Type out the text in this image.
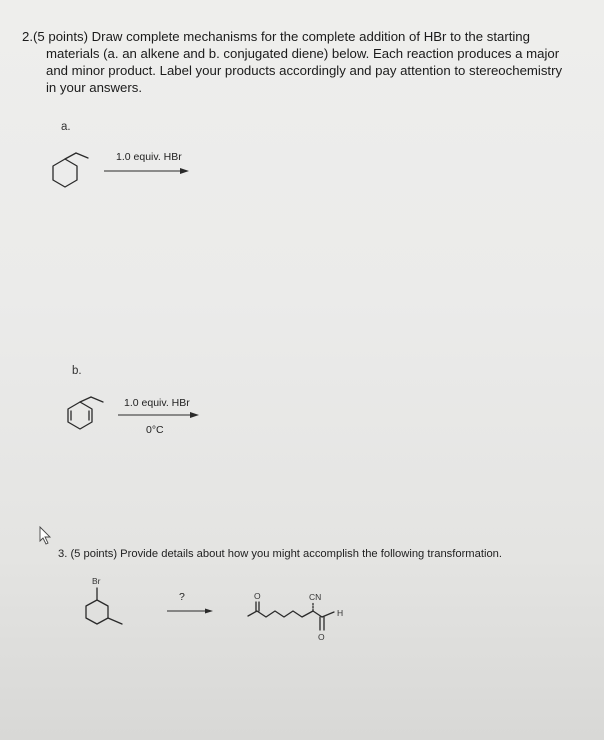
2.(5 points) Draw complete mechanisms for the complete addition of HBr to the starting

materials (a. an alkene and b. conjugated diene) below. Each reaction produces a major

and minor product. Label your products accordingly and pay attention to stereochemistry

in your answers.

a.
1.0 equiv. HBr
b.
1.0 equiv. HBr
0°C
3. (5 points) Provide details about how you might accomplish the following transformation.
Br
?	O	CN
H
O
